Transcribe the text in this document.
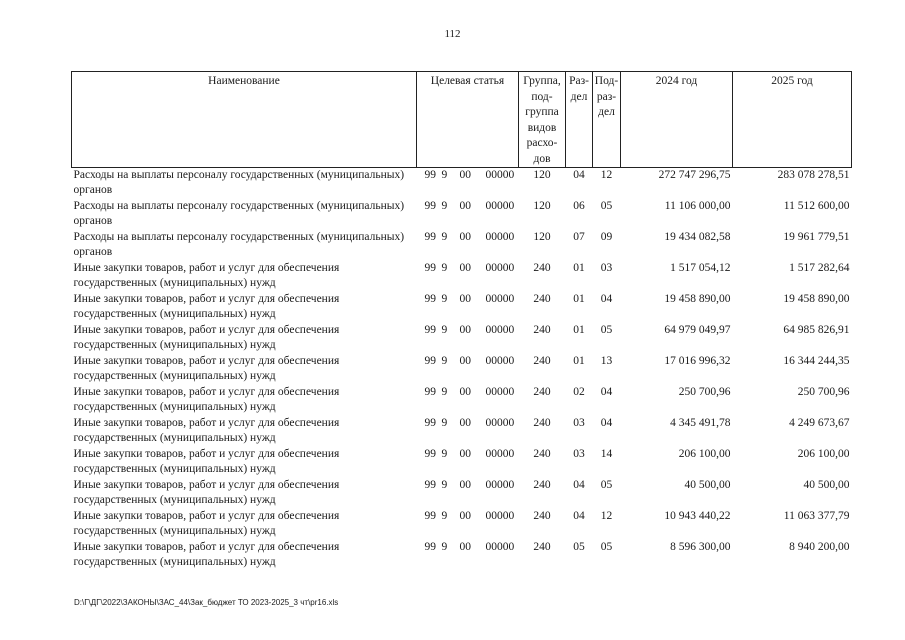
112
Наименование	Целевая статья	Группа, под-группа видов расхо-дов	Раз-дел	Под-раз-дел	2024 год	2025 год
Расходы на выплаты персоналу государственных (муниципальных) органов	99 9 00 00000	120	04	12	272 747 296,75	283 078 278,51
Расходы на выплаты персоналу государственных (муниципальных) органов	99 9 00 00000	120	06	05	11 106 000,00	11 512 600,00
Расходы на выплаты персоналу государственных (муниципальных) органов	99 9 00 00000	120	07	09	19 434 082,58	19 961 779,51
Иные закупки товаров, работ и услуг для обеспечения государственных (муниципальных) нужд	99 9 00 00000	240	01	03	1 517 054,12	1 517 282,64
Иные закупки товаров, работ и услуг для обеспечения государственных (муниципальных) нужд	99 9 00 00000	240	01	04	19 458 890,00	19 458 890,00
Иные закупки товаров, работ и услуг для обеспечения государственных (муниципальных) нужд	99 9 00 00000	240	01	05	64 979 049,97	64 985 826,91
Иные закупки товаров, работ и услуг для обеспечения государственных (муниципальных) нужд	99 9 00 00000	240	01	13	17 016 996,32	16 344 244,35
Иные закупки товаров, работ и услуг для обеспечения государственных (муниципальных) нужд	99 9 00 00000	240	02	04	250 700,96	250 700,96
Иные закупки товаров, работ и услуг для обеспечения государственных (муниципальных) нужд	99 9 00 00000	240	03	04	4 345 491,78	4 249 673,67
Иные закупки товаров, работ и услуг для обеспечения государственных (муниципальных) нужд	99 9 00 00000	240	03	14	206 100,00	206 100,00
Иные закупки товаров, работ и услуг для обеспечения государственных (муниципальных) нужд	99 9 00 00000	240	04	05	40 500,00	40 500,00
Иные закупки товаров, работ и услуг для обеспечения государственных (муниципальных) нужд	99 9 00 00000	240	04	12	10 943 440,22	11 063 377,79
Иные закупки товаров, работ и услуг для обеспечения государственных (муниципальных) нужд	99 9 00 00000	240	05	05	8 596 300,00	8 940 200,00
D:\Г\ДГ\2022\ЗАКОНЫ\ЗАС_44\Зак_бюджет ТО 2023-2025_3 чт\pr16.xls
